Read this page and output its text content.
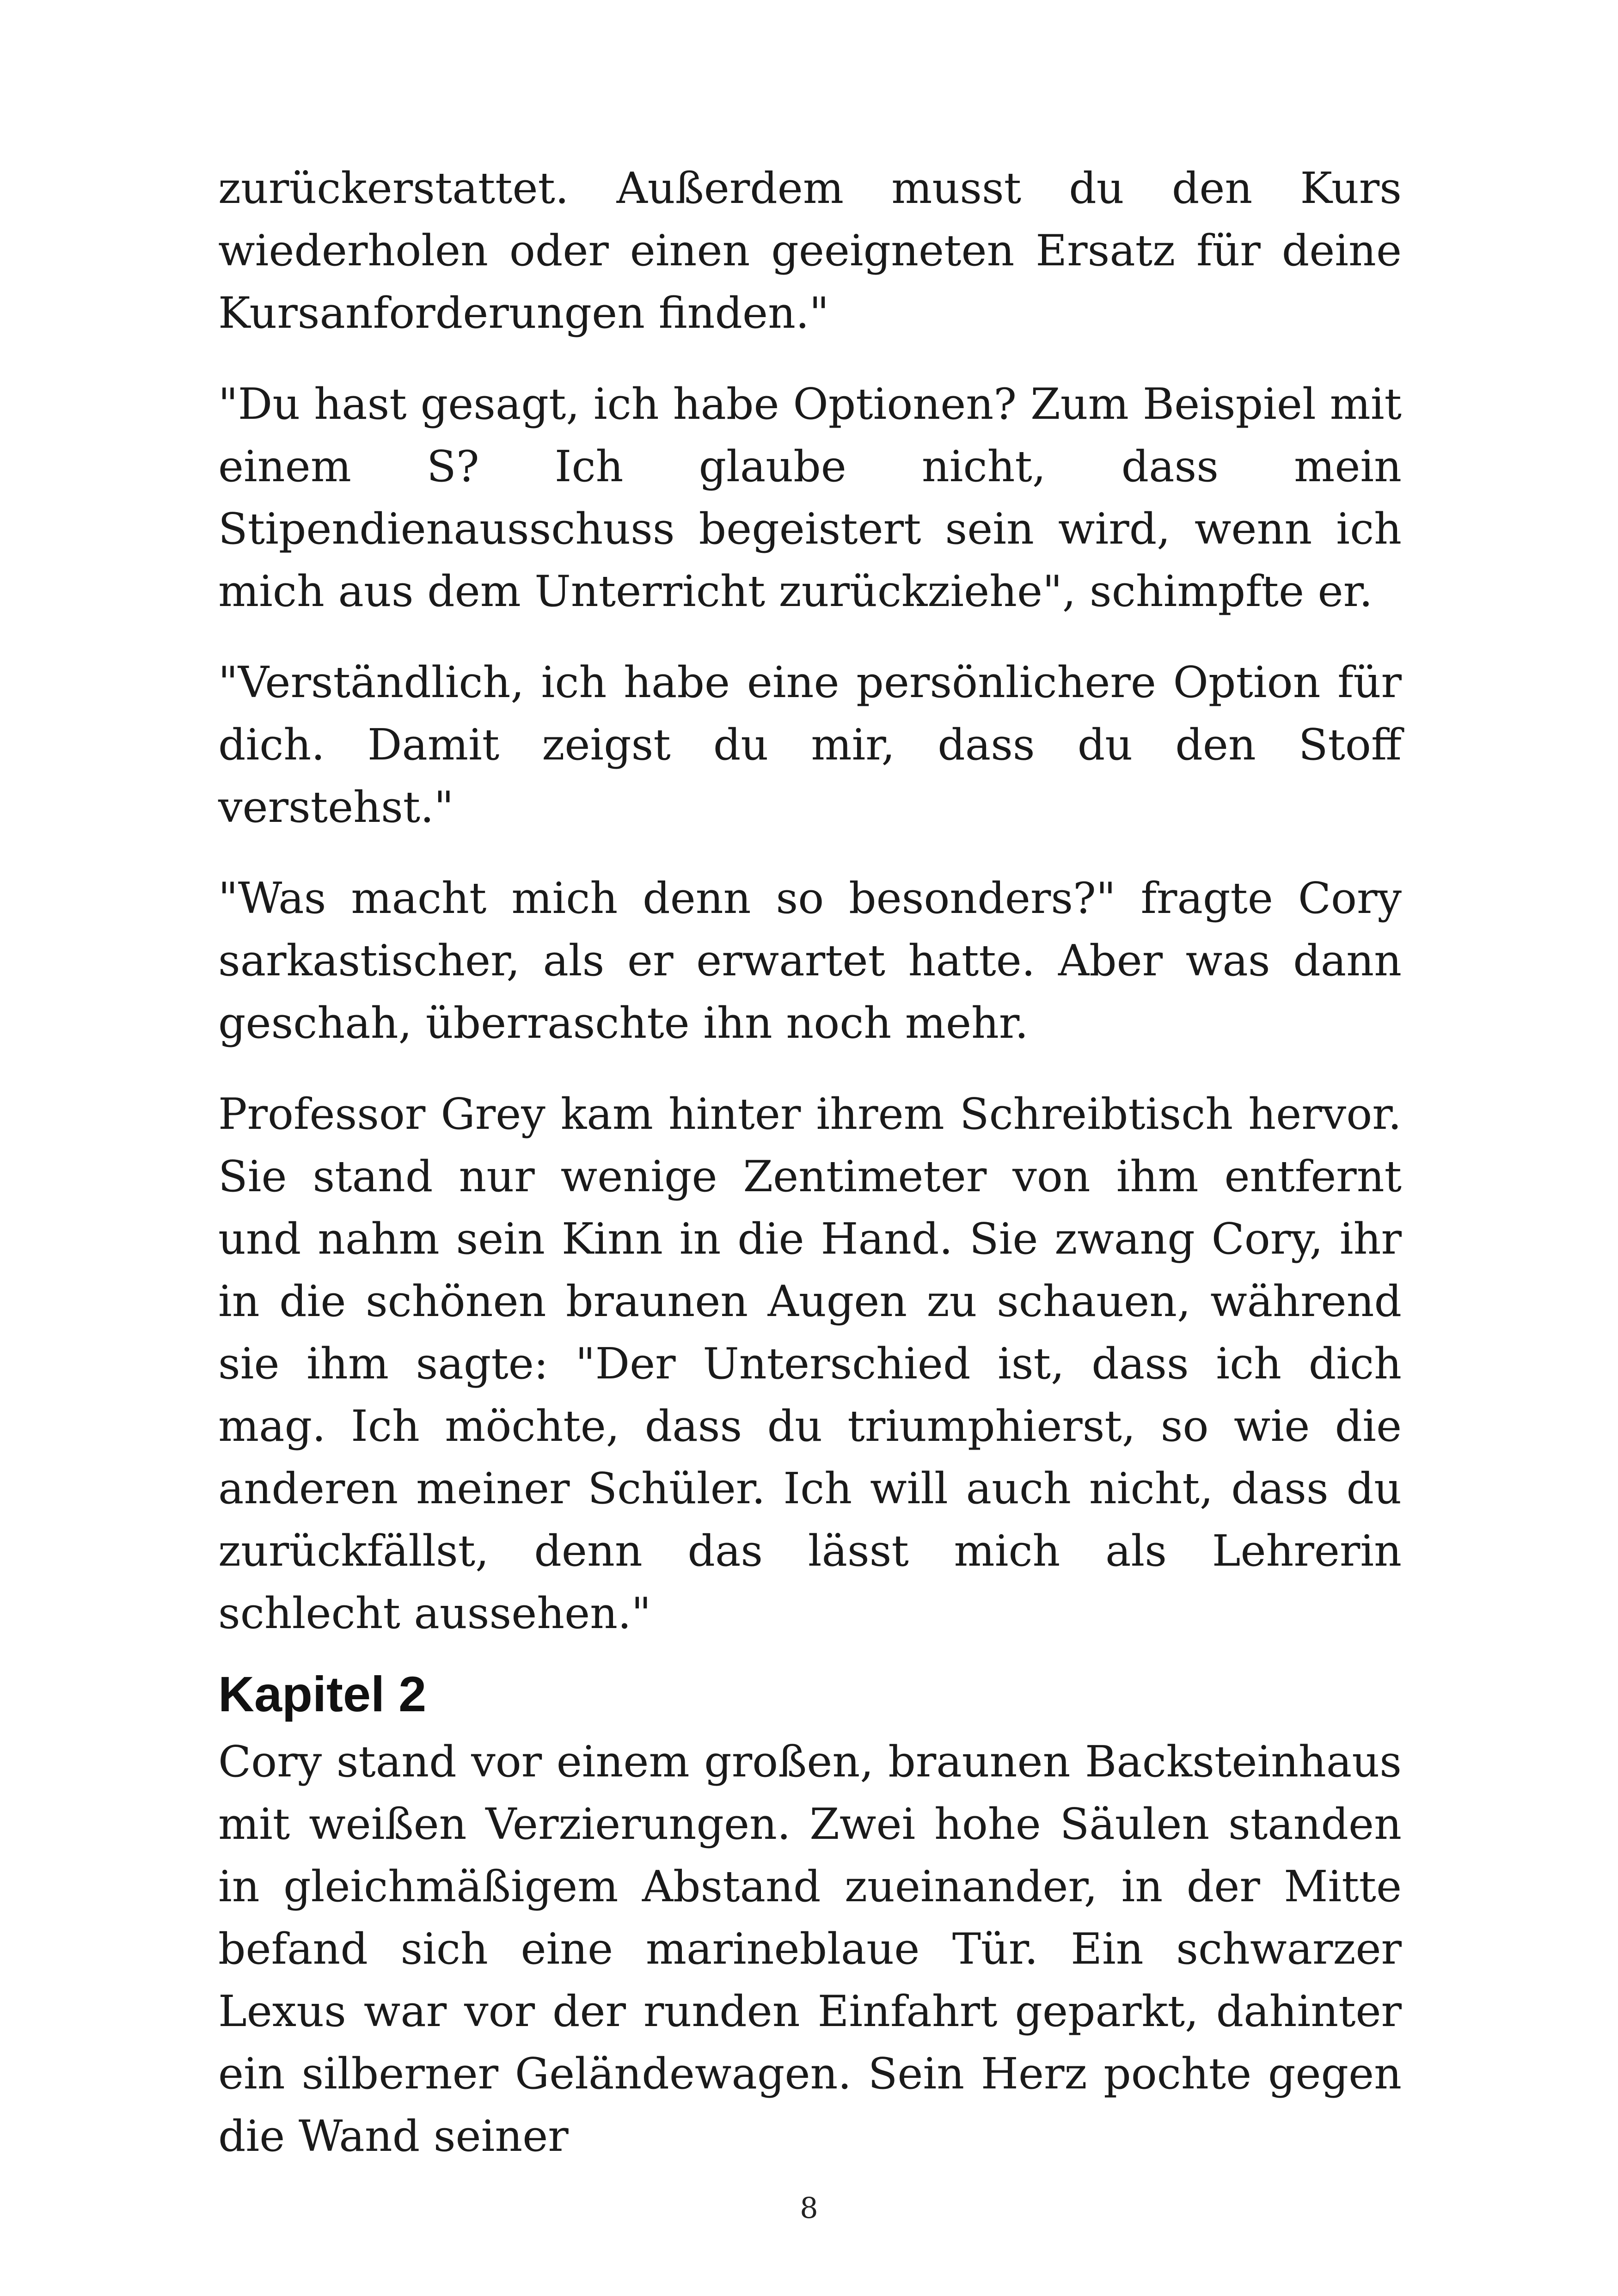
zurückerstattet. Außerdem musst du den Kurs wiederholen oder einen geeigneten Ersatz für deine Kursanforderungen finden."

"Du hast gesagt, ich habe Optionen? Zum Beispiel mit einem S? Ich glaube nicht, dass mein Stipendienausschuss begeistert sein wird, wenn ich mich aus dem Unterricht zurückziehe", schimpfte er.

"Verständlich, ich habe eine persönlichere Option für dich. Damit zeigst du mir, dass du den Stoff verstehst."

"Was macht mich denn so besonders?" fragte Cory sarkastischer, als er erwartet hatte. Aber was dann geschah, überraschte ihn noch mehr.

Professor Grey kam hinter ihrem Schreibtisch hervor. Sie stand nur wenige Zentimeter von ihm entfernt und nahm sein Kinn in die Hand. Sie zwang Cory, ihr in die schönen braunen Augen zu schauen, während sie ihm sagte: "Der Unterschied ist, dass ich dich mag. Ich möchte, dass du triumphierst, so wie die anderen meiner Schüler. Ich will auch nicht, dass du zurückfällst, denn das lässt mich als Lehrerin schlecht aussehen."

Kapitel 2

Cory stand vor einem großen, braunen Backsteinhaus mit weißen Verzierungen. Zwei hohe Säulen standen in gleichmäßigem Abstand zueinander, in der Mitte befand sich eine marineblaue Tür. Ein schwarzer Lexus war vor der runden Einfahrt geparkt, dahinter ein silberner Geländewagen. Sein Herz pochte gegen die Wand seiner

8
